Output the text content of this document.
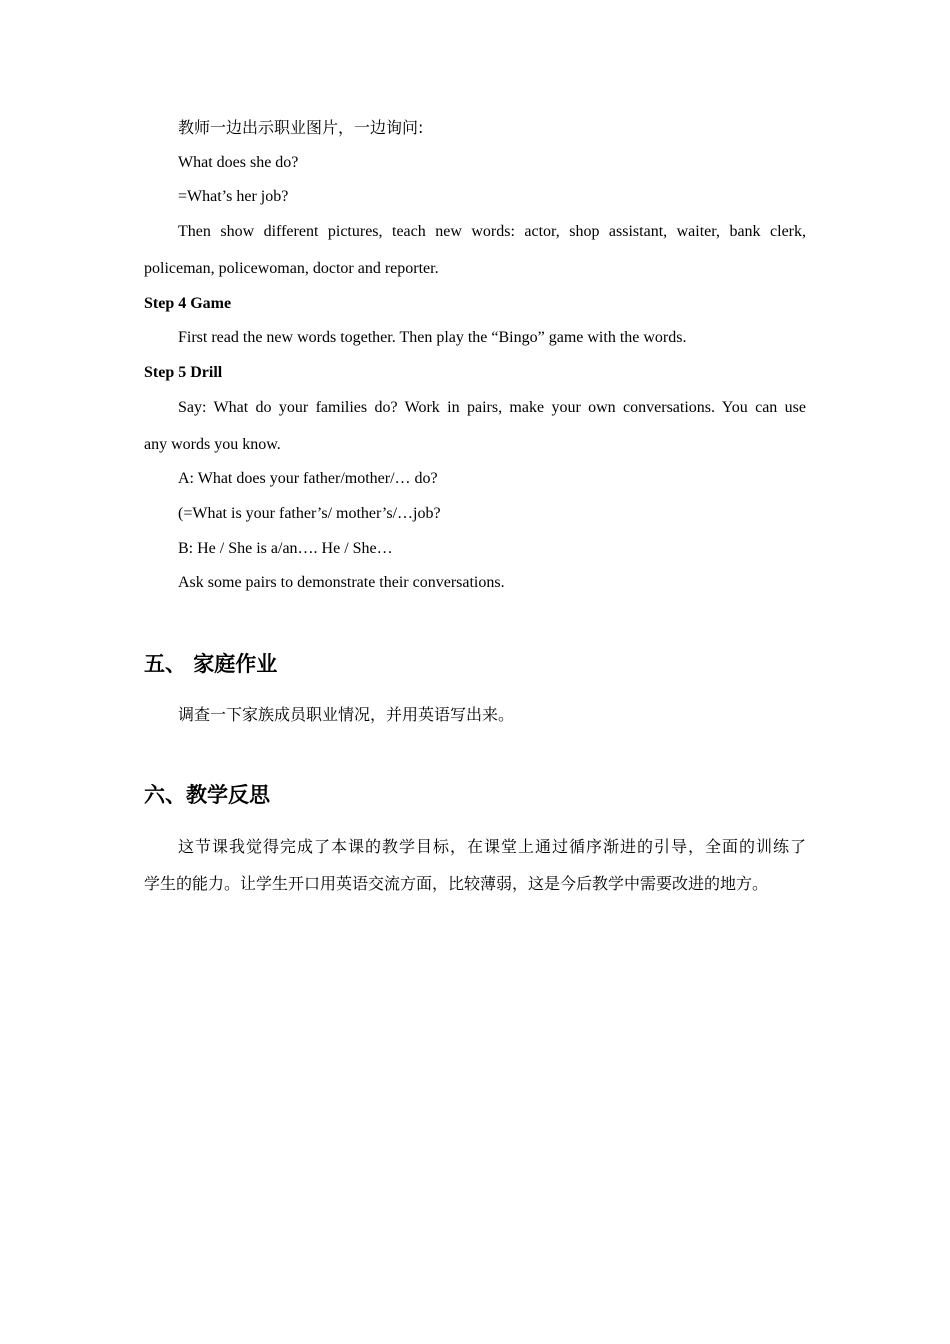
教师一边出示职业图片，一边询问:
What does she do?
=What’s her job?
Then show different pictures, teach new words: actor, shop assistant, waiter, bank clerk,
policeman, policewoman, doctor and reporter.
Step 4 Game
First read the new words together. Then play the “Bingo” game with the words.
Step 5 Drill
Say: What do your families do? Work in pairs, make your own conversations. You can use
any words you know.
A: What does your father/mother/… do?
(=What is your father’s/ mother’s/…job?
B: He / She is a/an…. He / She…
Ask some pairs to demonstrate their conversations.
五、 家庭作业
调查一下家族成员职业情况，并用英语写出来。
六、教学反思
这节课我觉得完成了本课的教学目标，在课堂上通过循序渐进的引导，全面的训练了
学生的能力。让学生开口用英语交流方面，比较薄弱，这是今后教学中需要改进的地方。
